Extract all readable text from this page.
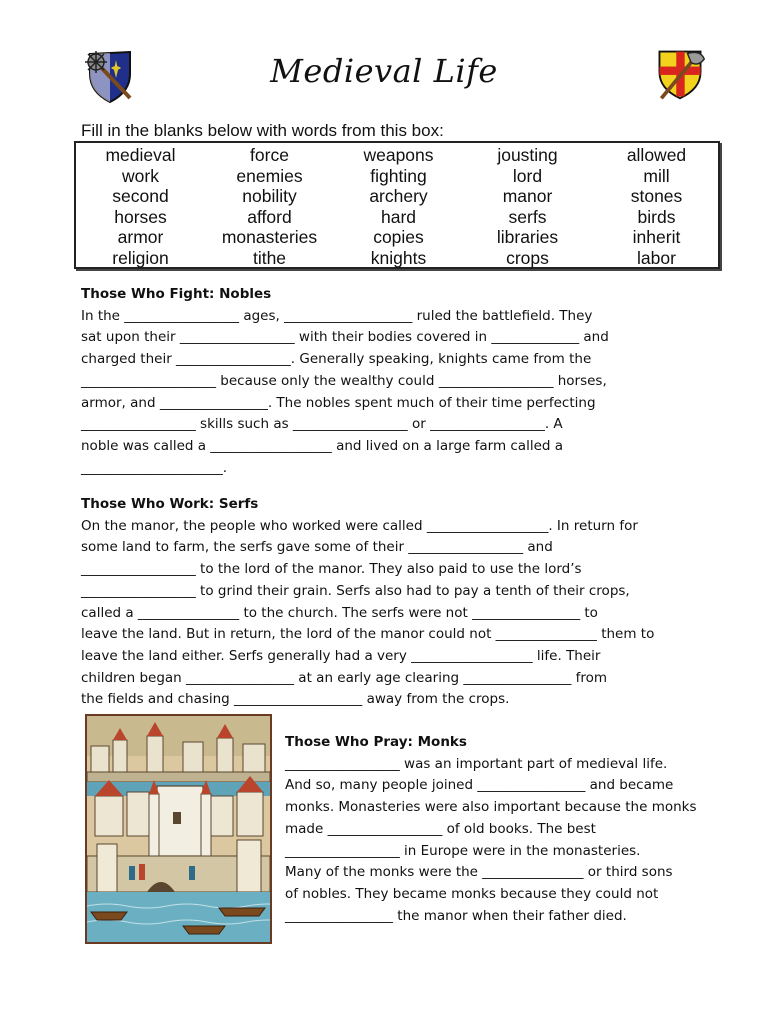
Medieval Life
Fill in the blanks below with words from this box:
medieval	force	weapons	jousting	allowed
work	enemies	fighting	lord	mill
second	nobility	archery	manor	stones
horses	afford	hard	serfs	birds
armor	monasteries	copies	libraries	inherit
religion	tithe	knights	crops	labor

Those Who Fight: Nobles

In the _________________ ages, ___________________ ruled the battlefield. They

sat upon their _________________ with their bodies covered in _____________ and

charged their _________________. Generally speaking, knights came from the

____________________ because only the wealthy could _________________ horses,

armor, and ________________. The nobles spent much of their time perfecting

_________________ skills such as _________________ or _________________. A

noble was called a __________________ and lived on a large farm called a

_____________________.

Those Who Work: Serfs

On the manor, the people who worked were called __________________. In return for

some land to farm, the serfs gave some of their _________________ and

_________________ to the lord of the manor. They also paid to use the lord’s

_________________ to grind their grain. Serfs also had to pay a tenth of their crops,

called a _______________ to the church. The serfs were not ________________ to

leave the land. But in return, the lord of the manor could not _______________ them to

leave the land either. Serfs generally had a very __________________ life. Their

children began ________________ at an early age clearing ________________ from

the fields and chasing ___________________ away from the crops.

Those Who Pray: Monks

_________________ was an important part of medieval life.

And so, many people joined ________________ and became

monks. Monasteries were also important because the monks

made _________________ of old books. The best

_________________ in Europe were in the monasteries.

Many of the monks were the _______________ or third sons

of nobles. They became monks because they could not

________________ the manor when their father died.
